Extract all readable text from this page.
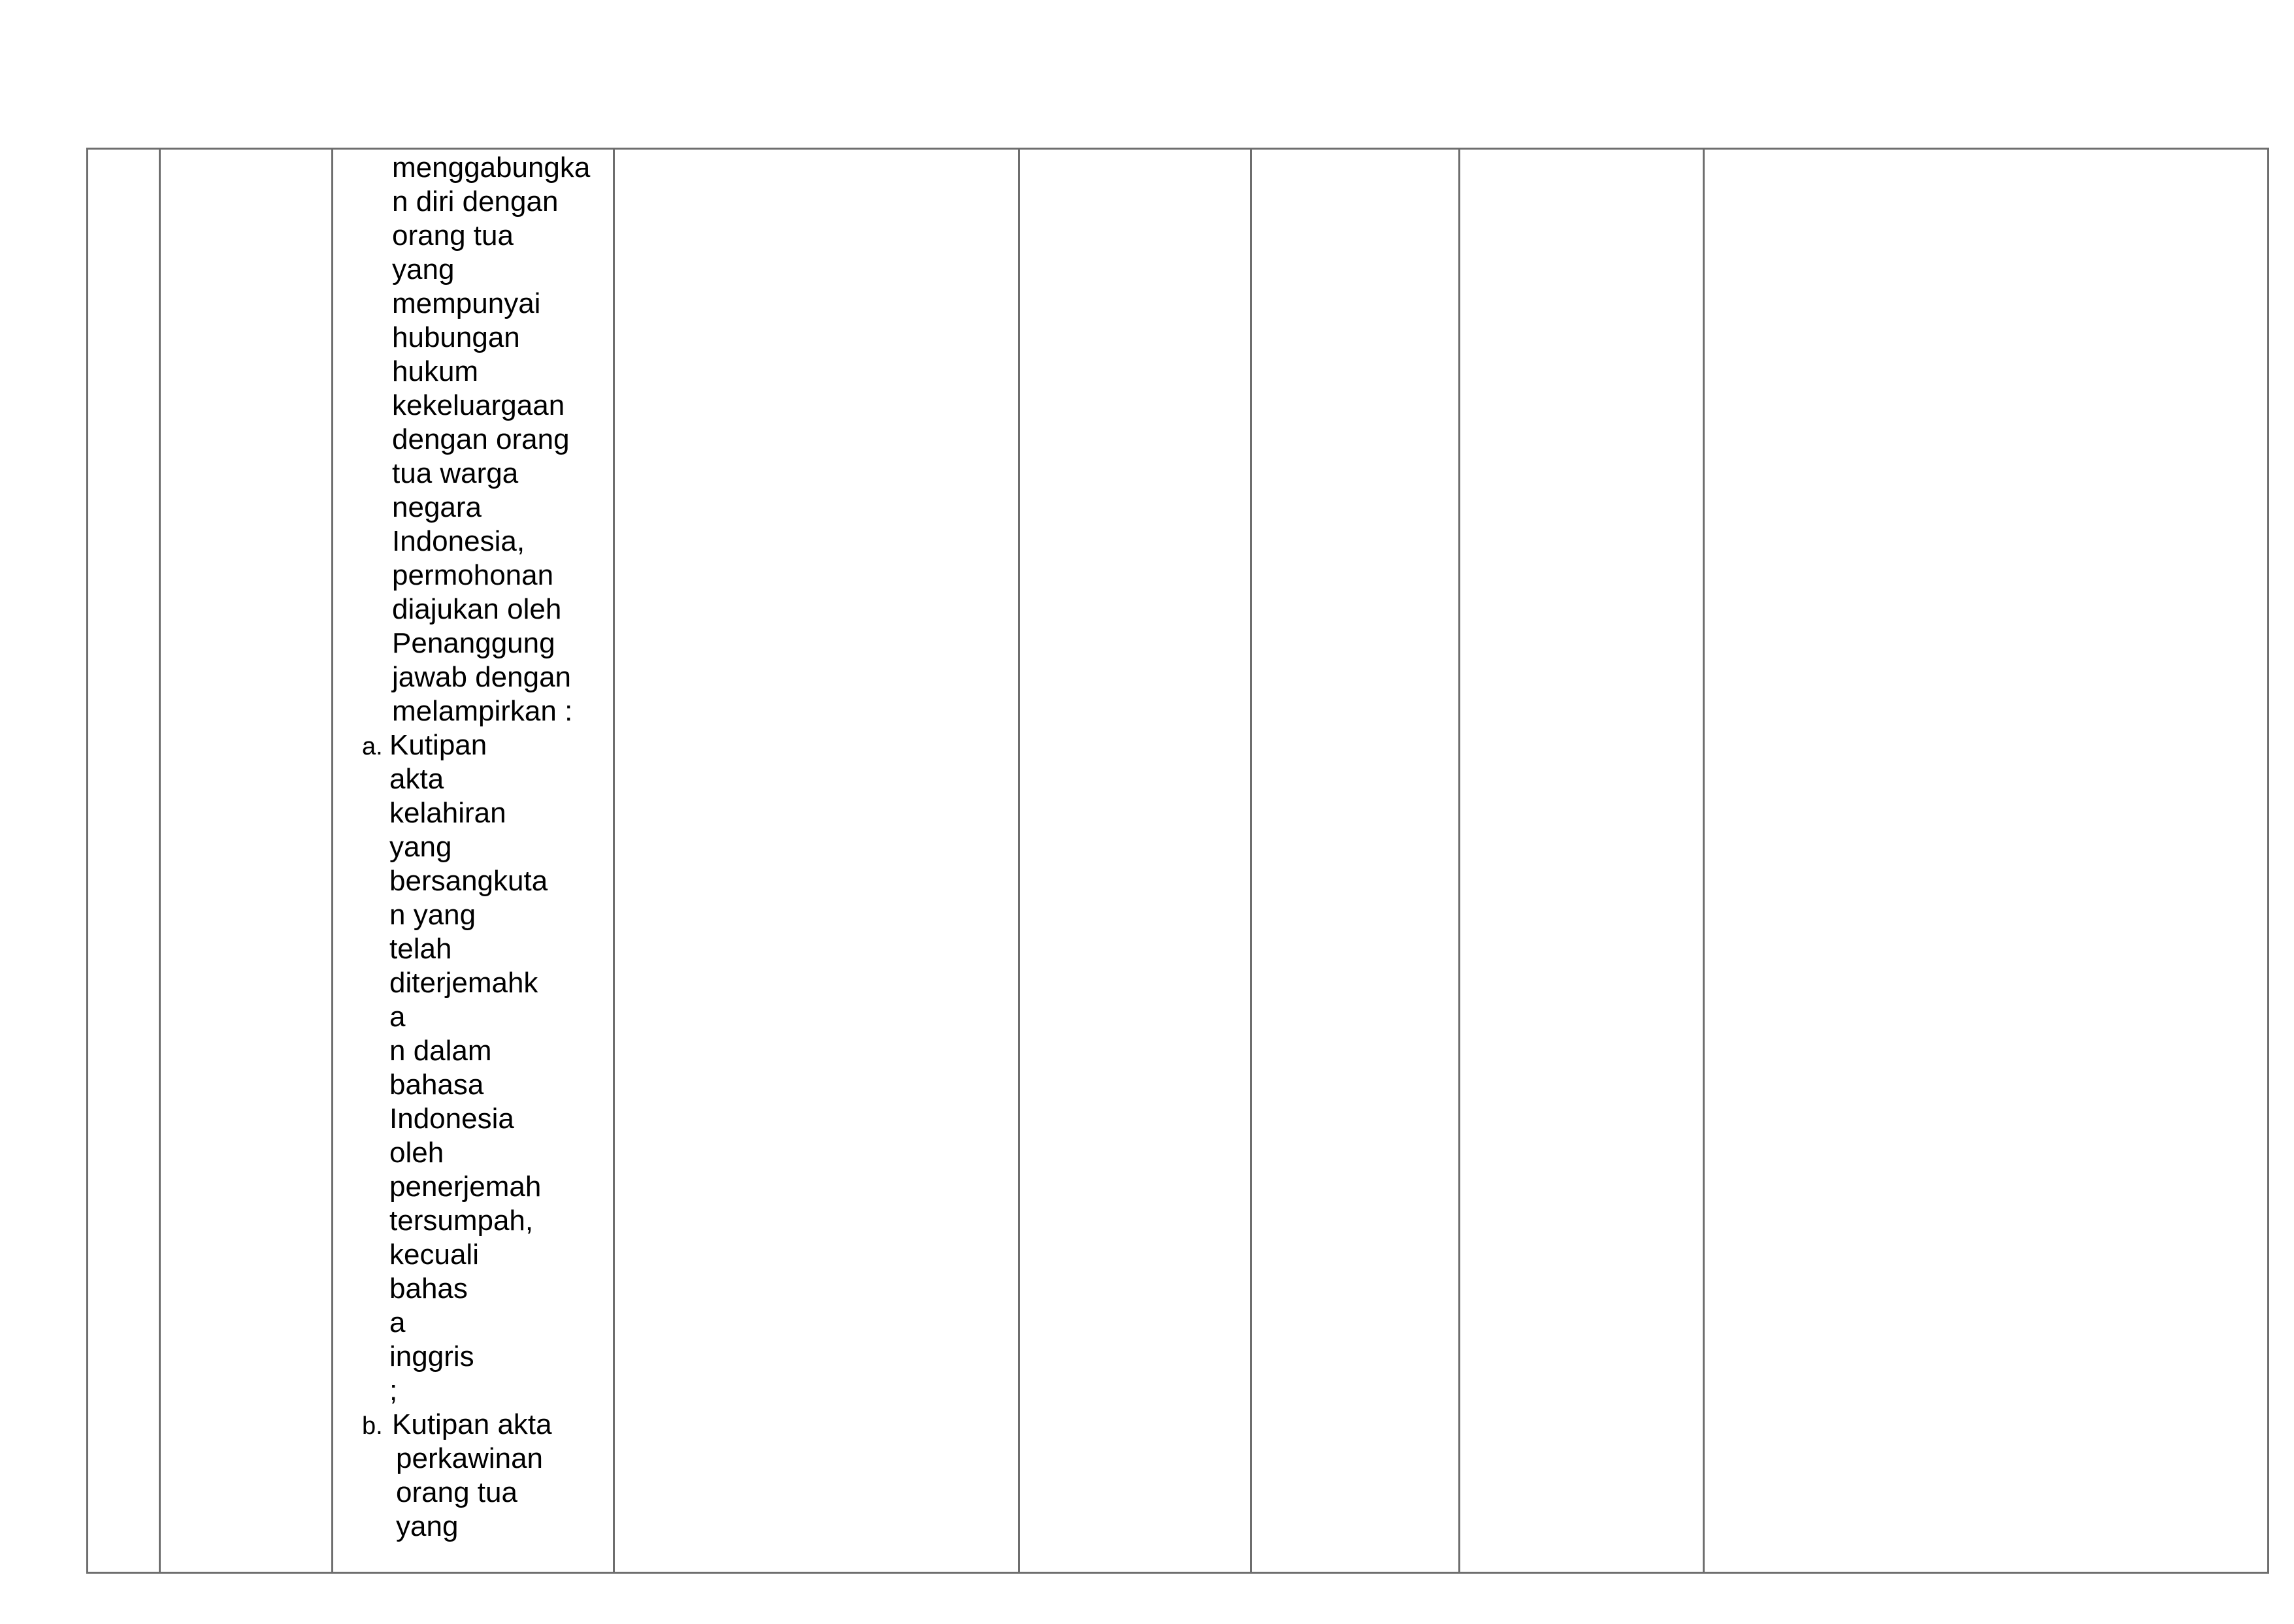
menggabungka
n diri dengan
orang tua
yang
mempunyai
hubungan
hukum
kekeluargaan
dengan orang
tua warga
negara
Indonesia,
permohonan
diajukan oleh
Penanggung
jawab dengan
melampirkan :
a. Kutipan
akta
kelahiran
yang
bersangkuta
n yang
telah
diterjemahk
a
n dalam
bahasa
Indonesia
oleh
penerjemah
tersumpah,
kecuali
bahas
a
inggris
;
b. Kutipan akta
perkawinan
orang tua
yang
